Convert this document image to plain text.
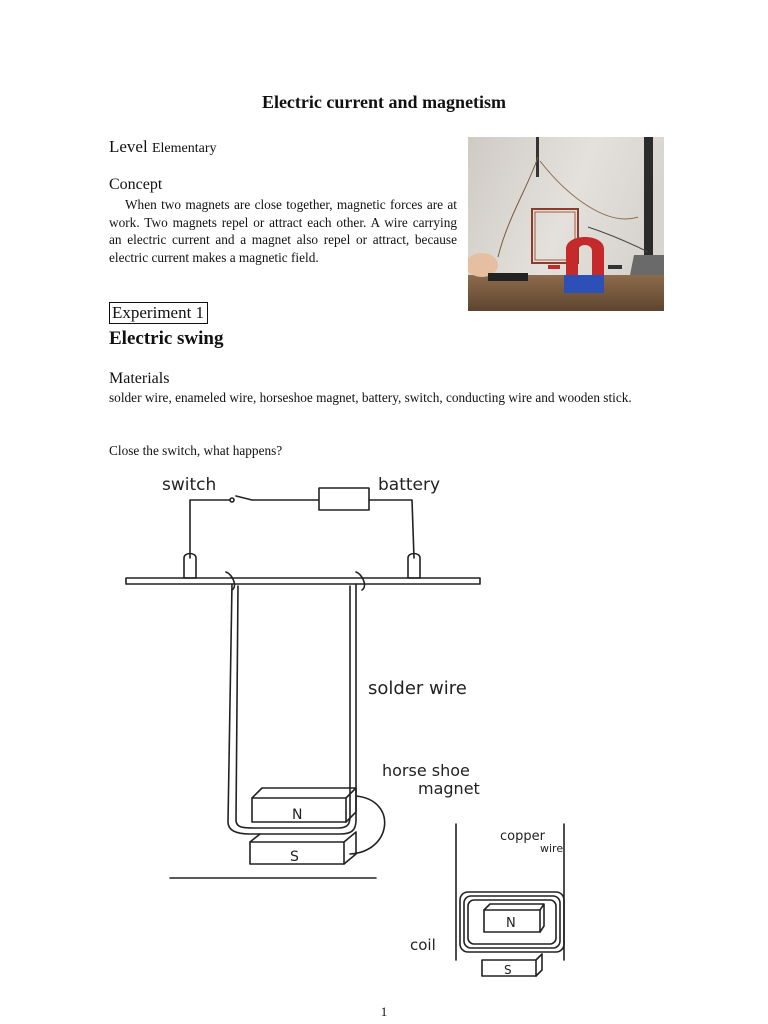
Electric current and magnetism
Level Elementary
Concept
When two magnets are close together, magnetic forces are at work. Two magnets repel or attract each other. A wire carrying an electric current and a magnet also repel or attract, because electric current makes a magnetic field.
Experiment 1
Electric swing
Materials
solder wire, enameled wire, horseshoe magnet, battery, switch, conducting wire and wooden stick.
Close the switch, what happens?
switch	battery
solder wire
horse shoe
magnet
copper
wire
coil
N
S
N
S
1
